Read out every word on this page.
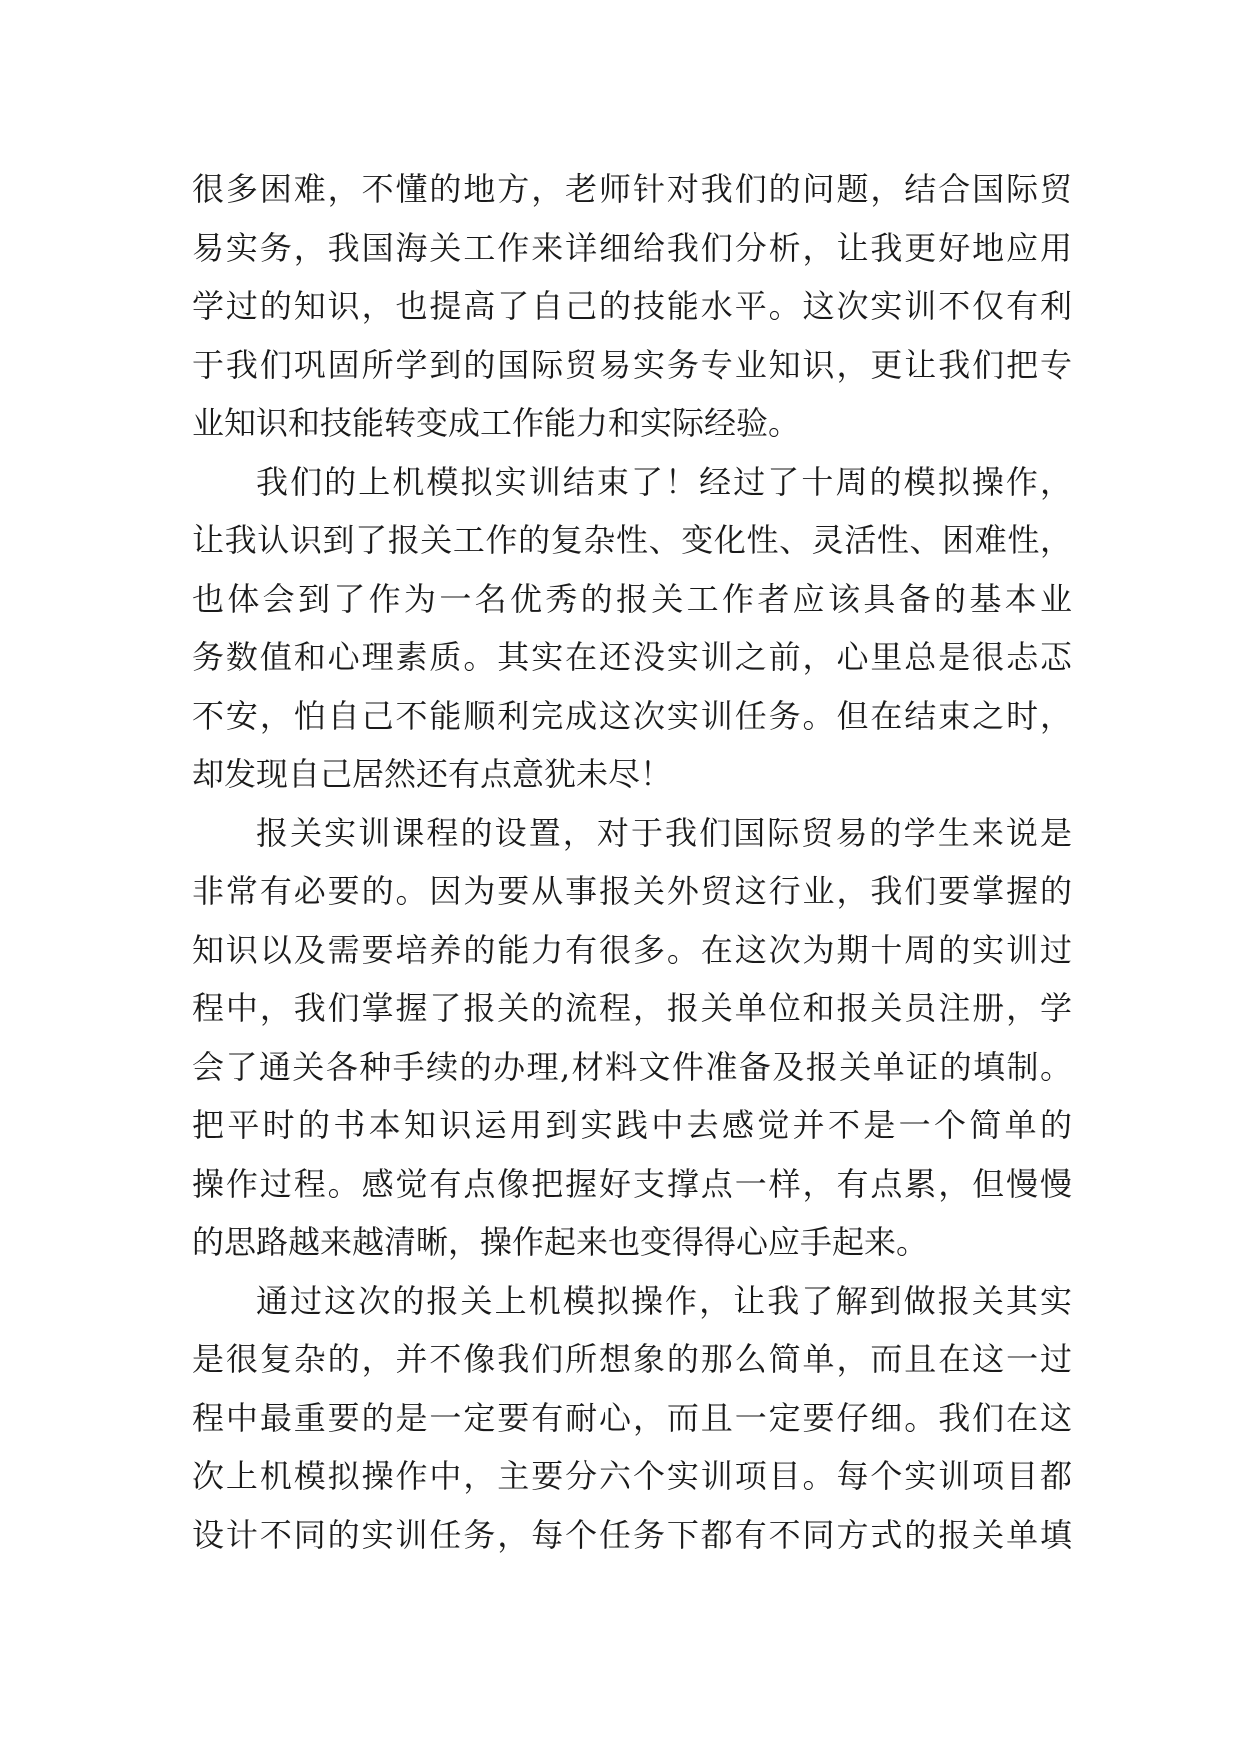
很多困难，不懂的地方，老师针对我们的问题，结合国际贸
易实务，我国海关工作来详细给我们分析，让我更好地应用
学过的知识，也提高了自己的技能水平。这次实训不仅有利
于我们巩固所学到的国际贸易实务专业知识，更让我们把专
业知识和技能转变成工作能力和实际经验。
我们的上机模拟实训结束了！经过了十周的模拟操作，
让我认识到了报关工作的复杂性、变化性、灵活性、困难性，
也体会到了作为一名优秀的报关工作者应该具备的基本业
务数值和心理素质。其实在还没实训之前，心里总是很忐忑
不安，怕自己不能顺利完成这次实训任务。但在结束之时，
却发现自己居然还有点意犹未尽！
报关实训课程的设置，对于我们国际贸易的学生来说是
非常有必要的。因为要从事报关外贸这行业，我们要掌握的
知识以及需要培养的能力有很多。在这次为期十周的实训过
程中，我们掌握了报关的流程，报关单位和报关员注册，学
会了通关各种手续的办理,材料文件准备及报关单证的填制。
把平时的书本知识运用到实践中去感觉并不是一个简单的
操作过程。感觉有点像把握好支撑点一样，有点累，但慢慢
的思路越来越清晰，操作起来也变得得心应手起来。
通过这次的报关上机模拟操作，让我了解到做报关其实
是很复杂的，并不像我们所想象的那么简单，而且在这一过
程中最重要的是一定要有耐心，而且一定要仔细。我们在这
次上机模拟操作中，主要分六个实训项目。每个实训项目都
设计不同的实训任务，每个任务下都有不同方式的报关单填
